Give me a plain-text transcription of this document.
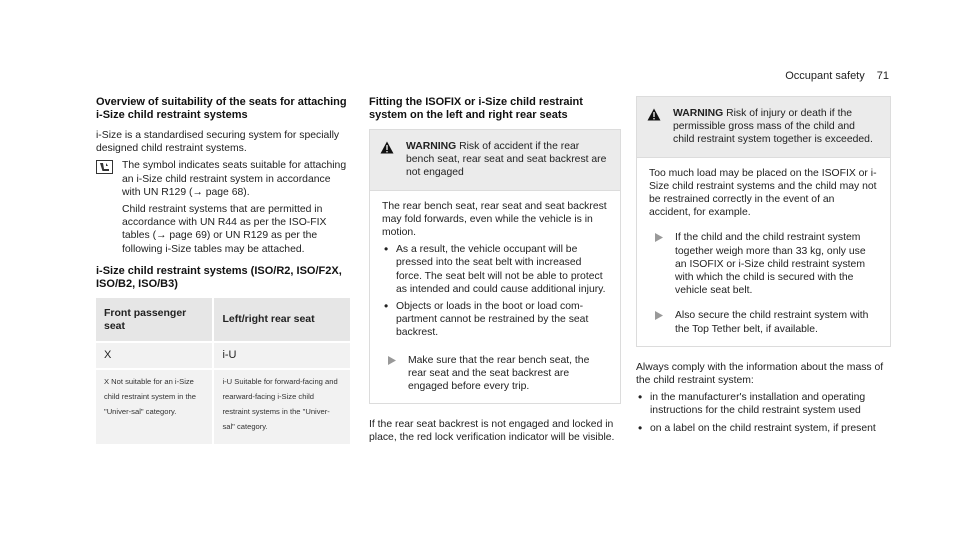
Occupant safety 71
Overview of suitability of the seats for attaching i-Size child restraint systems

i-Size is a standardised securing system for specially designed child restraint systems.

The symbol indicates seats suitable for attaching an i-Size child restraint system in accordance with UN R129 (→ page 68).

Child restraint systems that are permitted in accordance with UN R44 as per the ISO-FIX tables (→ page 69) or UN R129 as per the following i-Size tables may be attached.

i-Size child restraint systems (ISO/R2, ISO/F2X, ISO/B2, ISO/B3)
Front passenger seat	Left/right rear seat
X	i-U
X Not suitable for an i-Size child restraint system in the "Univer-sal" category.	i-U Suitable for forward-facing and rearward-facing i-Size child restraint systems in the "Univer-sal" category.
Fitting the ISOFIX or i-Size child restraint system on the left and right rear seats

WARNING Risk of accident if the rear bench seat, rear seat and seat backrest are not engaged

The rear bench seat, rear seat and seat backrest may fold forwards, even while the vehicle is in motion.

• As a result, the vehicle occupant will be pressed into the seat belt with increased force. The seat belt will not be able to protect as intended and could cause additional injury.
• Objects or loads in the boot or load compartment cannot be restrained by the seat backrest.

Make sure that the rear bench seat, the rear seat and the seat backrest are engaged before every trip.

If the rear seat backrest is not engaged and locked in place, the red lock verification indicator will be visible.

WARNING Risk of injury or death if the permissible gross mass of the child and child restraint system together is exceeded.

Too much load may be placed on the ISOFIX or i-Size child restraint systems and the child may not be restrained correctly in the event of an accident, for example.

If the child and the child restraint system together weigh more than 33 kg, only use an ISOFIX or i-Size child restraint system with which the child is secured with the vehicle seat belt.

Also secure the child restraint system with the Top Tether belt, if available.

Always comply with the information about the mass of the child restraint system:

• in the manufacturer's installation and operating instructions for the child restraint system used
• on a label on the child restraint system, if present
